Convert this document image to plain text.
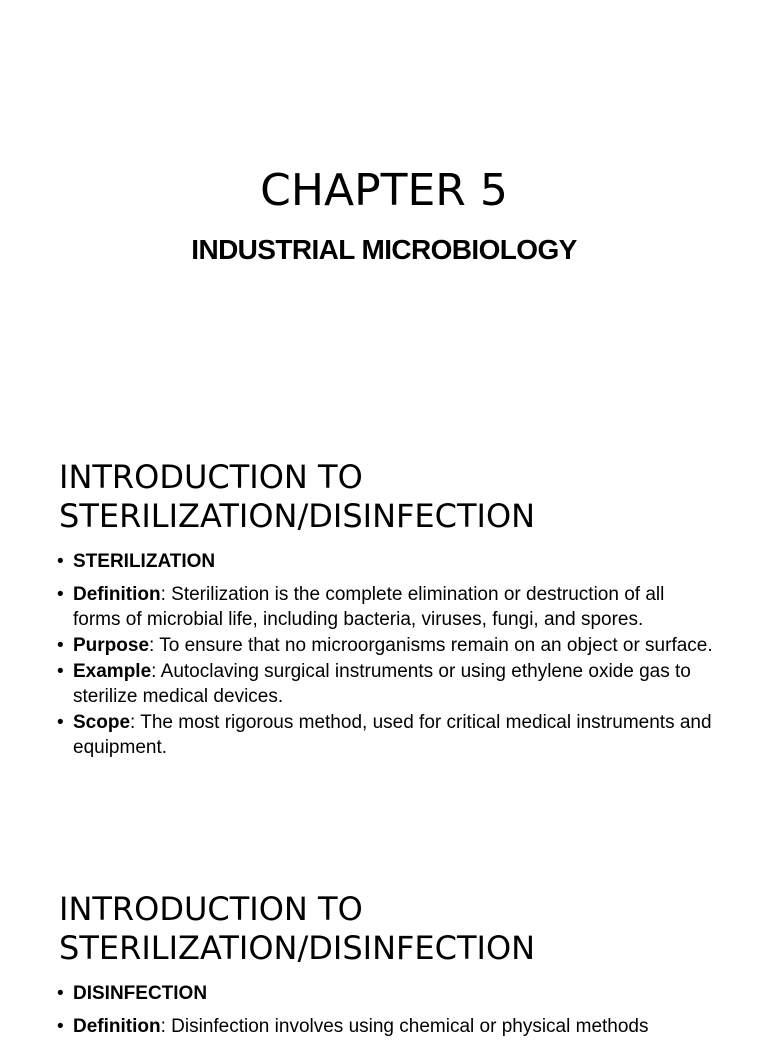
CHAPTER 5
INDUSTRIAL MICROBIOLOGY
INTRODUCTION TO
STERILIZATION/DISINFECTION
• STERILIZATION
• Definition: Sterilization is the complete elimination or destruction of all forms of microbial life, including bacteria, viruses, fungi, and spores.
• Purpose: To ensure that no microorganisms remain on an object or surface.
• Example: Autoclaving surgical instruments or using ethylene oxide gas to sterilize medical devices.
• Scope: The most rigorous method, used for critical medical instruments and equipment.
INTRODUCTION TO
STERILIZATION/DISINFECTION
• DISINFECTION
• Definition: Disinfection involves using chemical or physical methods
